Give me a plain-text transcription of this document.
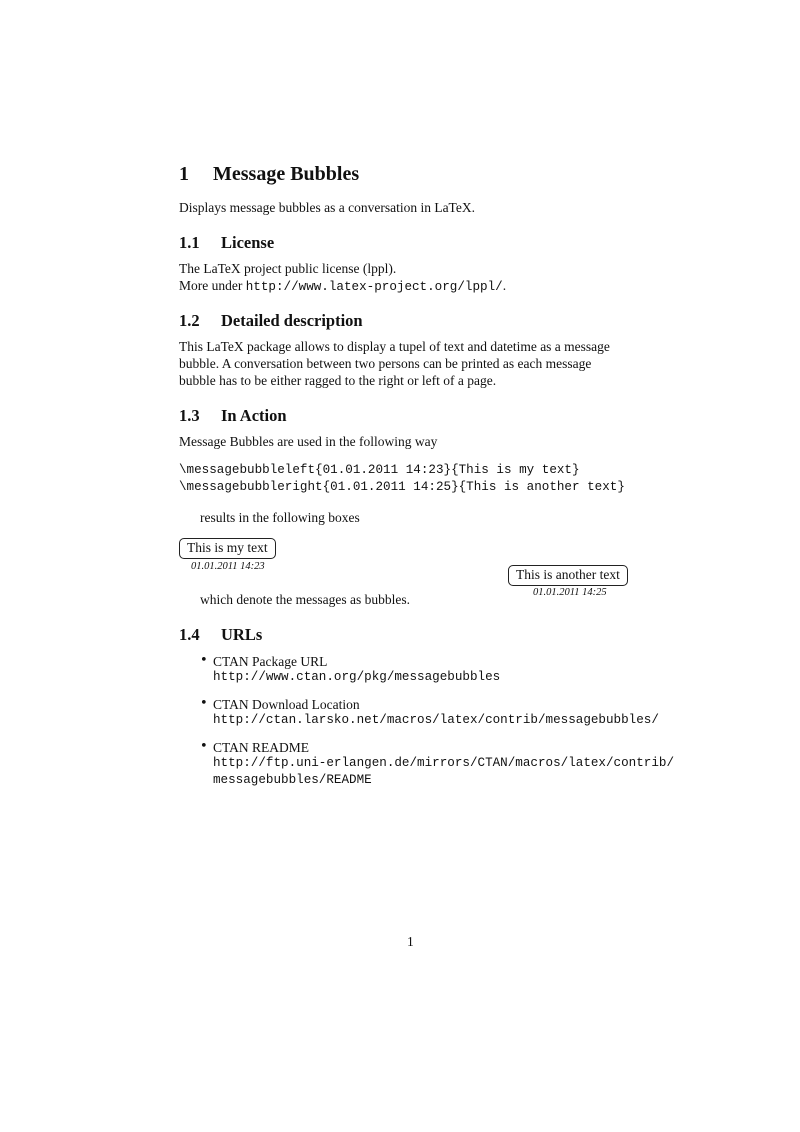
1 Message Bubbles
Displays message bubbles as a conversation in LaTeX.
1.1 License
The LaTeX project public license (lppl).
More under http://www.latex-project.org/lppl/.
1.2 Detailed description
This LaTeX package allows to display a tupel of text and datetime as a message
bubble. A conversation between two persons can be printed as each message
bubble has to be either ragged to the right or left of a page.
1.3 In Action
Message Bubbles are used in the following way
\messagebubbleleft{01.01.2011 14:23}{This is my text}
\messagebubbleright{01.01.2011 14:25}{This is another text}
results in the following boxes
This is my text
01.01.2011 14:23
This is another text
01.01.2011 14:25
which denote the messages as bubbles.
1.4 URLs
• CTAN Package URL
http://www.ctan.org/pkg/messagebubbles
• CTAN Download Location
http://ctan.larsko.net/macros/latex/contrib/messagebubbles/
• CTAN README
http://ftp.uni-erlangen.de/mirrors/CTAN/macros/latex/contrib/
messagebubbles/README
1
